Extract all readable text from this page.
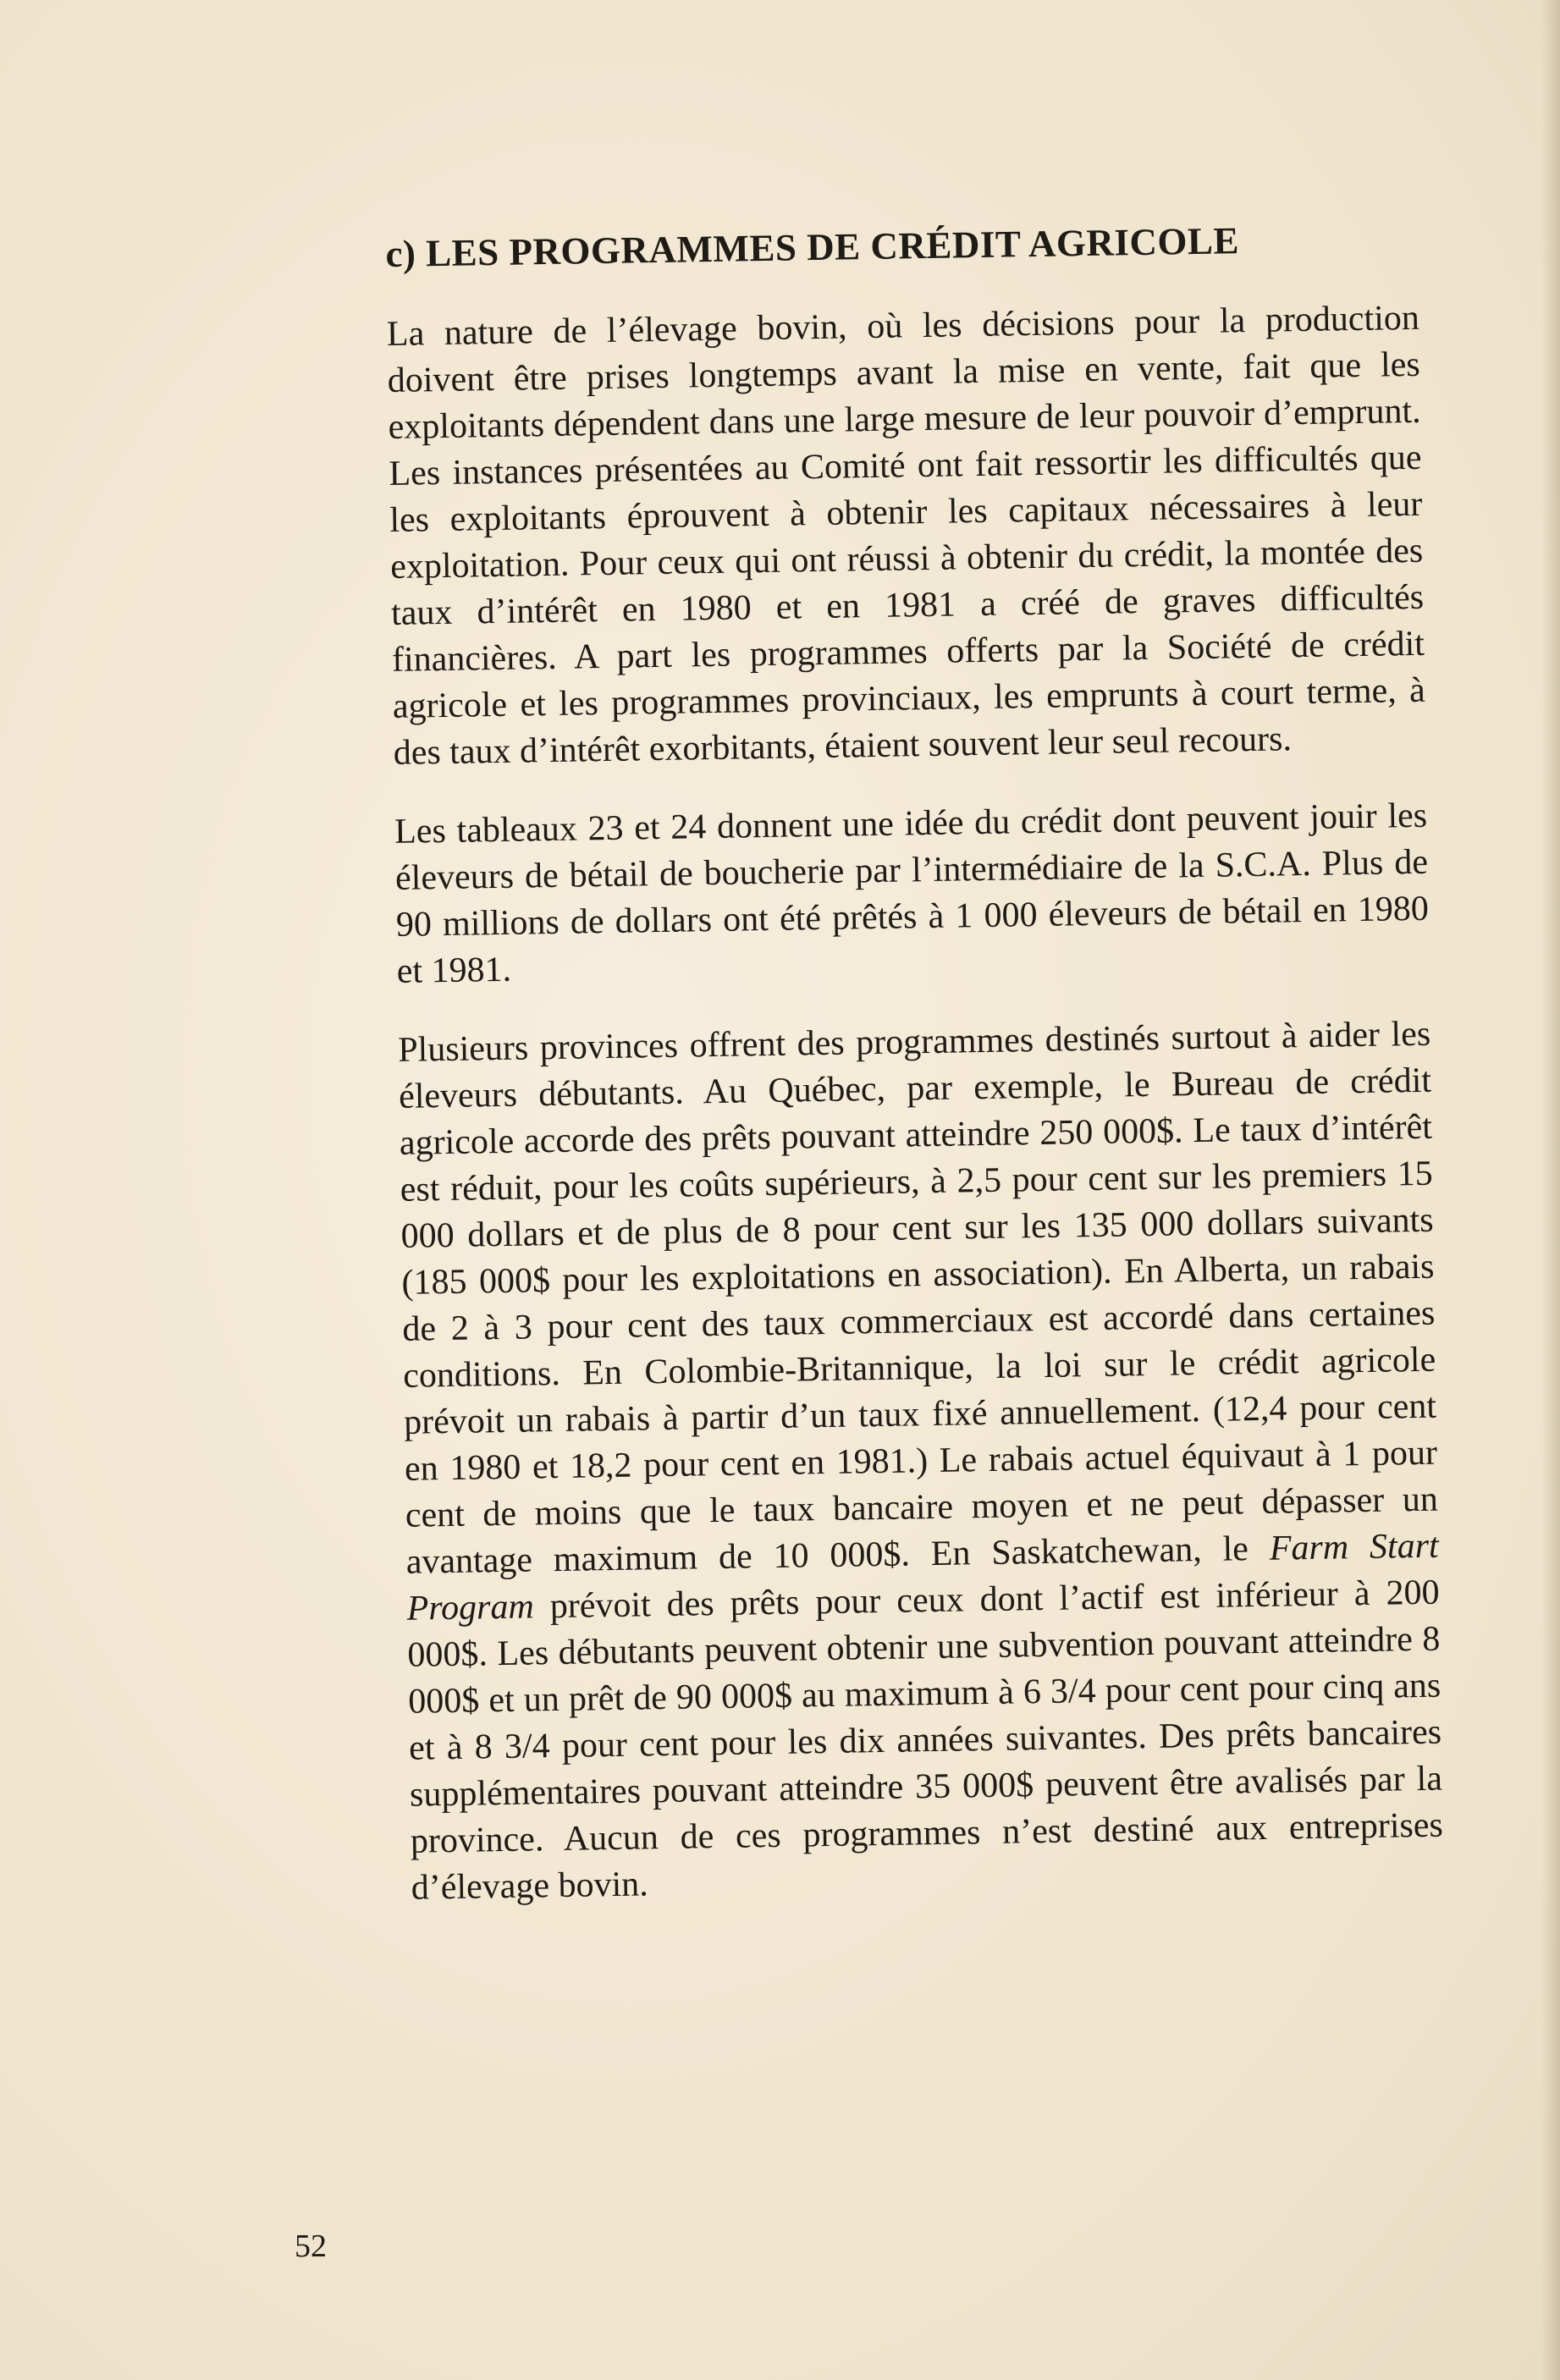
c) LES PROGRAMMES DE CRÉDIT AGRICOLE

La nature de l’élevage bovin, où les décisions pour la production doivent être prises longtemps avant la mise en vente, fait que les exploitants dépendent dans une large mesure de leur pouvoir d’emprunt. Les instances présentées au Comité ont fait ressortir les difficultés que les exploitants éprouvent à obtenir les capitaux nécessaires à leur exploitation. Pour ceux qui ont réussi à obtenir du crédit, la montée des taux d’intérêt en 1980 et en 1981 a créé de graves difficultés financières. A part les programmes offerts par la Société de crédit agricole et les programmes provinciaux, les emprunts à court terme, à des taux d’intérêt exorbitants, étaient souvent leur seul recours.

Les tableaux 23 et 24 donnent une idée du crédit dont peuvent jouir les éleveurs de bétail de boucherie par l’intermédiaire de la S.C.A. Plus de 90 millions de dollars ont été prêtés à 1 000 éleveurs de bétail en 1980 et 1981.

Plusieurs provinces offrent des programmes destinés surtout à aider les éleveurs débutants. Au Québec, par exemple, le Bureau de crédit agricole accorde des prêts pouvant atteindre 250 000$. Le taux d’intérêt est réduit, pour les coûts supérieurs, à 2,5 pour cent sur les premiers 15 000 dollars et de plus de 8 pour cent sur les 135 000 dollars suivants (185 000$ pour les exploitations en association). En Alberta, un rabais de 2 à 3 pour cent des taux commerciaux est accordé dans certaines conditions. En Colombie-Britannique, la loi sur le crédit agricole prévoit un rabais à partir d’un taux fixé annuellement. (12,4 pour cent en 1980 et 18,2 pour cent en 1981.) Le rabais actuel équivaut à 1 pour cent de moins que le taux bancaire moyen et ne peut dépasser un avantage maximum de 10 000$. En Saskatchewan, le Farm Start Program prévoit des prêts pour ceux dont l’actif est inférieur à 200 000$. Les débutants peuvent obtenir une subvention pouvant atteindre 8 000$ et un prêt de 90 000$ au maximum à 6 3/4 pour cent pour cinq ans et à 8 3/4 pour cent pour les dix années suivantes. Des prêts bancaires supplémentaires pouvant atteindre 35 000$ peuvent être avalisés par la province. Aucun de ces programmes n’est destiné aux entreprises d’élevage bovin.

52
